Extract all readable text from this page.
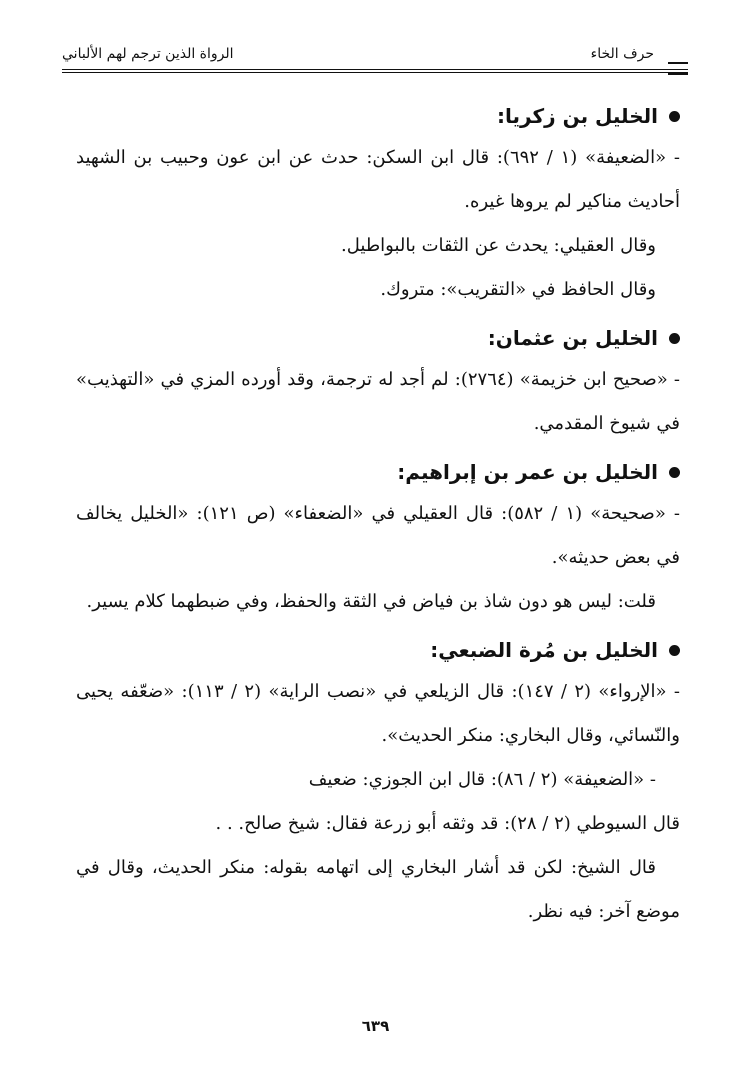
حرف الخاء
الرواة الذين ترجم لهم الألباني
الخليل بن زكريا:

- «الضعيفة» (١ / ٦٩٢): قال ابن السكن: حدث عن ابن عون وحبيب بن الشهيد أحاديث مناكير لم يروها غيره.

وقال العقيلي: يحدث عن الثقات بالبواطيل.

وقال الحافظ في «التقريب»: متروك.

الخليل بن عثمان:

- «صحيح ابن خزيمة» (٢٧٦٤): لم أجد له ترجمة، وقد أورده المزي في «التهذيب» في شيوخ المقدمي.

الخليل بن عمر بن إبراهيم:

- «صحيحة» (١ / ٥٨٢): قال العقيلي في «الضعفاء» (ص ١٢١): «الخليل يخالف في بعض حديثه».

قلت: ليس هو دون شاذ بن فياض في الثقة والحفظ، وفي ضبطهما كلام يسير.

الخليل بن مُرة الضبعي:

- «الإرواء» (٢ / ١٤٧): قال الزيلعي في «نصب الراية» (٢ / ١١٣): «ضعّفه يحيى والنّسائي، وقال البخاري: منكر الحديث».

- «الضعيفة» (٢ / ٨٦): قال ابن الجوزي: ضعيف

قال السيوطي (٢ / ٢٨): قد وثقه أبو زرعة فقال: شيخ صالح. . .

قال الشيخ: لكن قد أشار البخاري إلى اتهامه بقوله: منكر الحديث، وقال في موضع آخر: فيه نظر.

٦٣٩
